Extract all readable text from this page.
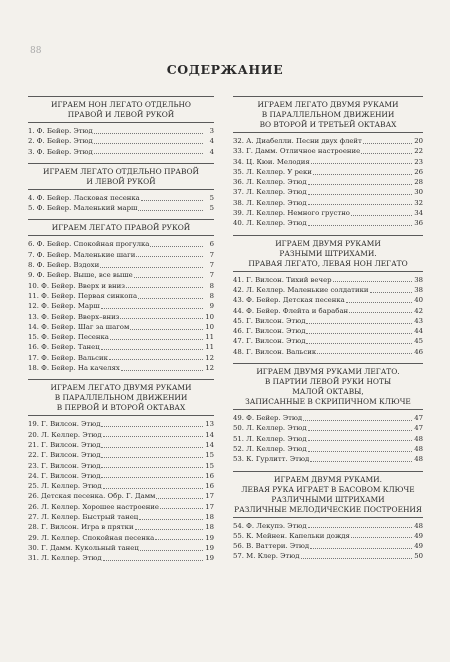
88
СОДЕРЖАНИЕ
ИГРАЕМ НОН ЛЕГАТО ОТДЕЛЬНО
ПРАВОЙ И ЛЕВОЙ РУКОЙ
1. Ф. Бейер. Этюд	3
2. Ф. Бейер. Этюд	4
3. Ф. Бейер. Этюд	4
ИГРАЕМ ЛЕГАТО ОТДЕЛЬНО ПРАВОЙ
И ЛЕВОЙ РУКОЙ
4. Ф. Бейер. Ласковая песенка	5
5. Ф. Бейер. Маленький марш	5
ИГРАЕМ ЛЕГАТО ПРАВОЙ РУКОЙ
6. Ф. Бейер. Спокойная прогулка	6
7. Ф. Бейер. Маленькие шаги	7
8. Ф. Бейер. Вздохи	7
9. Ф. Бейер. Выше, все выше	7
10. Ф. Бейер. Вверх и вниз	8
11. Ф. Бейер. Первая синкопа	8
12. Ф. Бейер. Марш	9
13. Ф. Бейер. Вверх–вниз	10
14. Ф. Бейер. Шаг за шагом	10
15. Ф. Бейер. Песенка	11
16. Ф. Бейер. Танец	11
17. Ф. Бейер. Вальсик	12
18. Ф. Бейер. На качелях	12
ИГРАЕМ ЛЕГАТО ДВУМЯ РУКАМИ
В ПАРАЛЛЕЛЬНОМ ДВИЖЕНИИ
В ПЕРВОЙ И ВТОРОЙ ОКТАВАХ
19. Г. Вилсон. Этюд	13
20. Л. Келлер. Этюд	14
21. Г. Вилсон. Этюд	14
22. Г. Вилсон. Этюд	15
23. Г. Вилсон. Этюд	15
24. Г. Вилсон. Этюд	16
25. Л. Келлер. Этюд	16
26. Детская песенка. Обр. Г. Дамм	17
26. Л. Келлер. Хорошее настроение	17
27. Л. Келлер. Быстрый танец	18
28. Г. Вилсон. Игра в прятки	18
29. Л. Келлер. Спокойная песенка	19
30. Г. Дамм. Кукольный танец	19
31. Л. Келлер. Этюд	19
ИГРАЕМ ЛЕГАТО ДВУМЯ РУКАМИ
В ПАРАЛЛЕЛЬНОМ ДВИЖЕНИИ
ВО ВТОРОЙ И ТРЕТЬЕЙ ОКТАВАХ
32. А. Диабелли. Песни двух флейт	20
33. Г. Дамм. Отличное настроение	22
34. Ц. Кюи. Мелодия	23
35. Л. Келлер. У реки	26
36. Л. Келлер. Этюд	28
37. Л. Келлер. Этюд	30
38. Л. Келлер. Этюд	32
39. Л. Келлер. Немного грустно	34
40. Л. Келлер. Этюд	36
ИГРАЕМ ДВУМЯ РУКАМИ
РАЗНЫМИ ШТРИХАМИ.
ПРАВАЯ ЛЕГАТО, ЛЕВАЯ НОН ЛЕГАТО
41. Г. Вилсон. Тихий вечер	38
42. Л. Келлер. Маленькие солдатики	38
43. Ф. Бейер. Детская песенка	40
44. Ф. Бейер. Флейта и барабан	42
45. Г. Вилсон. Этюд	43
46. Г. Вилсон. Этюд	44
47. Г. Вилсон. Этюд	45
48. Г. Вилсон. Вальсик	46
ИГРАЕМ ДВУМЯ РУКАМИ ЛЕГАТО.
В ПАРТИИ ЛЕВОЙ РУКИ НОТЫ
МАЛОЙ ОКТАВЫ,
ЗАПИСАННЫЕ В СКРИПИЧНОМ КЛЮЧЕ
49. Ф. Бейер. Этюд	47
50. Л. Келлер. Этюд	47
51. Л. Келлер. Этюд	48
52. Л. Келлер. Этюд	48
53. К. Гурлитт. Этюд	48
ИГРАЕМ ДВУМЯ РУКАМИ.
ЛЕВАЯ РУКА ИГРАЕТ В БАСОВОМ КЛЮЧЕ
РАЗЛИЧНЫМИ ШТРИХАМИ
РАЗЛИЧНЫЕ МЕЛОДИЧЕСКИЕ ПОСТРОЕНИЯ
54. Ф. Лекупэ. Этюд	48
55. К. Мейнен. Капельки дождя	49
56. В. Ваттери. Этюд	49
57. М. Клер. Этюд	50
